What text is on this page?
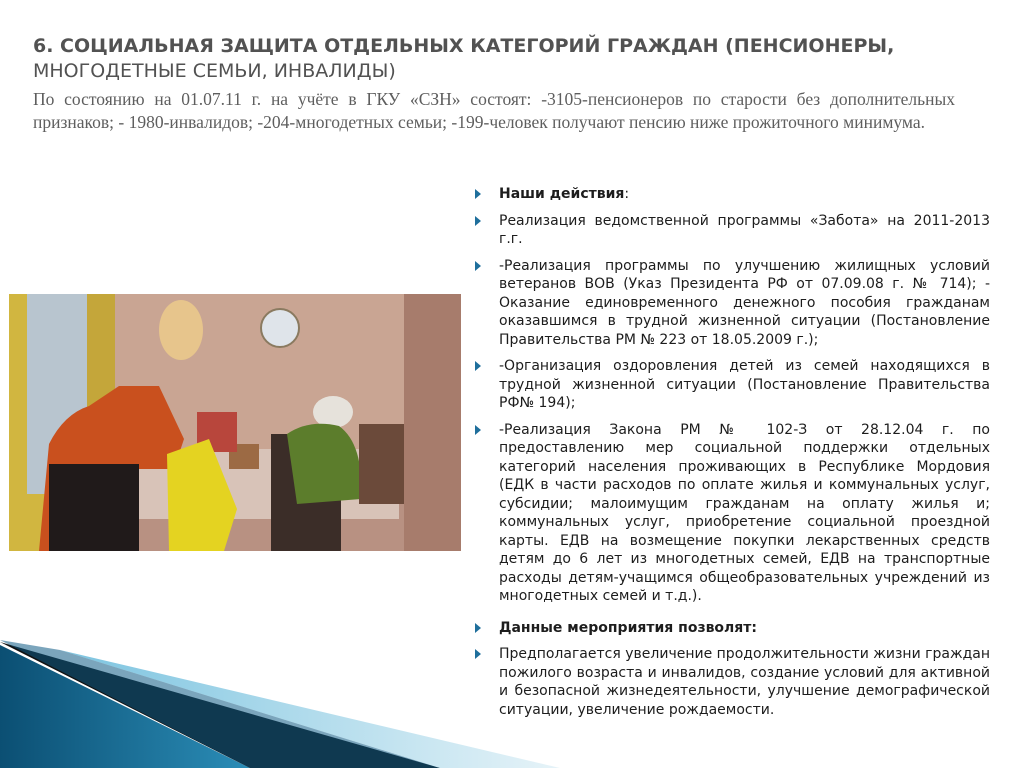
6. СОЦИАЛЬНАЯ ЗАЩИТА ОТДЕЛЬНЫХ КАТЕГОРИЙ ГРАЖДАН (ПЕНСИОНЕРЫ, МНОГОДЕТНЫЕ СЕМЬИ, ИНВАЛИДЫ)

По состоянию на 01.07.11 г. на учёте в ГКУ «СЗН» состоят: -3105-пенсионеров по старости без дополнительных признаков; - 1980-инвалидов; -204-многодетных семьи; -199-человек получают пенсию ниже прожиточного минимума.

Наши действия:
Реализация ведомственной программы «Забота» на 2011-2013 г.г.
-Реализация программы по улучшению жилищных условий ветеранов ВОВ (Указ Президента РФ от 07.09.08 г. № 714); - Оказание единовременного денежного пособия гражданам оказавшимся в трудной жизненной ситуации (Постановление Правительства РМ № 223 от 18.05.2009 г.);
-Организация оздоровления детей из семей находящихся в трудной жизненной ситуации (Постановление Правительства РФ№ 194);
-Реализация Закона РМ № 102-З от 28.12.04 г. по предоставлению мер социальной поддержки отдельных категорий населения проживающих в Республике Мордовия (ЕДК в части расходов по оплате жилья и коммунальных услуг, субсидии; малоимущим гражданам на оплату жилья и; коммунальных услуг, приобретение социальной проездной карты. ЕДВ на возмещение покупки лекарственных средств детям до 6 лет из многодетных семей, ЕДВ на транспортные расходы детям-учащимся общеобразовательных учреждений из многодетных семей и т.д.).
Данные мероприятия позволят:
Предполагается увеличение продолжительности жизни граждан пожилого возраста и инвалидов, создание условий для активной и безопасной жизнедеятельности, улучшение демографической ситуации, увеличение рождаемости.
